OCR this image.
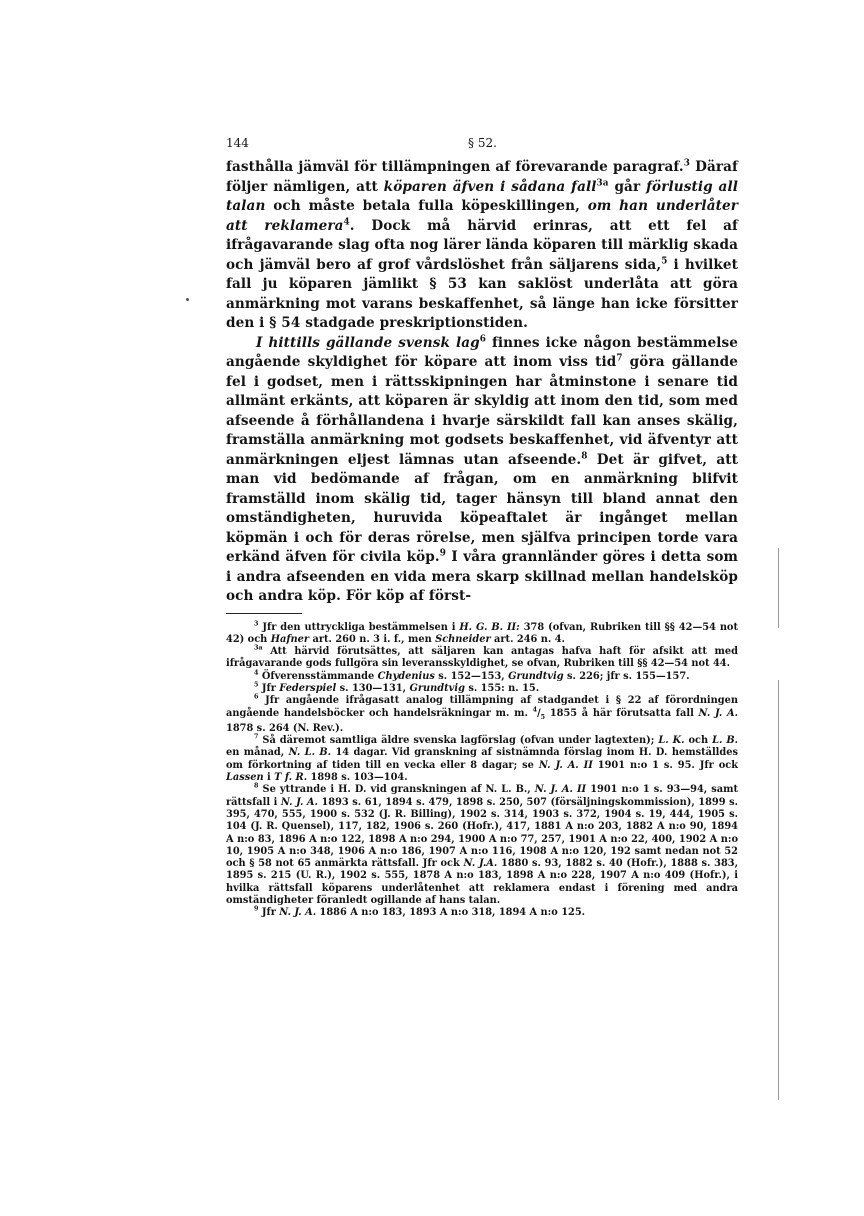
144	§ 52.

fasthålla jämväl för tillämpningen af förevarande paragraf.$^3$ Däraf följer nämligen, att köparen äfven i sådana fall$^{3a}$ går förlustig all talan och måste betala fulla köpeskillingen, om han underlåter att reklamera$^4$. Dock må härvid erinras, att ett fel af ifrågavarande slag ofta nog lärer lända köparen till märklig skada och jämväl bero af grof vårdslöshet från säljarens sida,$^5$ i hvilket fall ju köparen jämlikt § 53 kan saklöst underlåta att göra anmärkning mot varans beskaffenhet, så länge han icke försitter den i § 54 stadgade preskriptionstiden.

I hittills gällande svensk lag$^6$ finnes icke någon bestämmelse angående skyldighet för köpare att inom viss tid$^7$ göra gällande fel i godset, men i rättsskipningen har åtminstone i senare tid allmänt erkänts, att köparen är skyldig att inom den tid, som med afseende å förhållandena i hvarje särskildt fall kan anses skälig, framställa anmärkning mot godsets beskaffenhet, vid äfventyr att anmärkningen eljest lämnas utan afseende.$^8$ Det är gifvet, att man vid bedömande af frågan, om en anmärkning blifvit framställd inom skälig tid, tager hänsyn till bland annat den omständigheten, huruvida köpeaftalet är ingånget mellan köpmän i och för deras rörelse, men själfva principen torde vara erkänd äfven för civila köp.$^9$ I våra grannländer göres i detta som i andra afseenden en vida mera skarp skillnad mellan handelsköp och andra köp. För köp af först-

$^3$ Jfr den uttryckliga bestämmelsen i H. G. B. II: 378 (ofvan, Rubriken till §§ 42—54 not 42) och Hafner art. 260 n. 3 i. f., men Schneider art. 246 n. 4.

$^{3a}$ Att härvid förutsättes, att säljaren kan antagas hafva haft för afsikt att med ifrågavarande gods fullgöra sin leveransskyldighet, se ofvan, Rubriken till §§ 42—54 not 44.

$^4$ Öfverensstämmande Chydenius s. 152—153, Grundtvig s. 226; jfr s. 155—157.

$^5$ Jfr Federspiel s. 130—131, Grundtvig s. 155: n. 15.

$^6$ Jfr angående ifrågasatt analog tillämpning af stadgandet i § 22 af förordningen angående handelsböcker och handelsräkningar m. m. $^4/_5$ 1855 å här förutsatta fall N. J. A. 1878 s. 264 (N. Rev.).

$^7$ Så däremot samtliga äldre svenska lagförslag (ofvan under lagtexten); L. K. och L. B. en månad, N. L. B. 14 dagar. Vid granskning af sistnämnda förslag inom H. D. hemställdes om förkortning af tiden till en vecka eller 8 dagar; se N. J. A. II 1901 n:o 1 s. 95. Jfr ock Lassen i T f. R. 1898 s. 103—104.

$^8$ Se yttrande i H. D. vid granskningen af N. L. B., N. J. A. II 1901 n:o 1 s. 93—94, samt rättsfall i N. J. A. 1893 s. 61, 1894 s. 479, 1898 s. 250, 507 (försäljningskommission), 1899 s. 395, 470, 555, 1900 s. 532 (J. R. Billing), 1902 s. 314, 1903 s. 372, 1904 s. 19, 444, 1905 s. 104 (J. R. Quensel), 117, 182, 1906 s. 260 (Hofr.), 417, 1881 A n:o 203, 1882 A n:o 90, 1894 A n:o 83, 1896 A n:o 122, 1898 A n:o 294, 1900 A n:o 77, 257, 1901 A n:o 22, 400, 1902 A n:o 10, 1905 A n:o 348, 1906 A n:o 186, 1907 A n:o 116, 1908 A n:o 120, 192 samt nedan not 52 och § 58 not 65 anmärkta rättsfall. Jfr ock N. J.A. 1880 s. 93, 1882 s. 40 (Hofr.), 1888 s. 383, 1895 s. 215 (U. R.), 1902 s. 555, 1878 A n:o 183, 1898 A n:o 228, 1907 A n:o 409 (Hofr.), i hvilka rättsfall köparens underlåtenhet att reklamera endast i förening med andra omständigheter föranledt ogillande af hans talan.

$^9$ Jfr N. J. A. 1886 A n:o 183, 1893 A n:o 318, 1894 A n:o 125.
